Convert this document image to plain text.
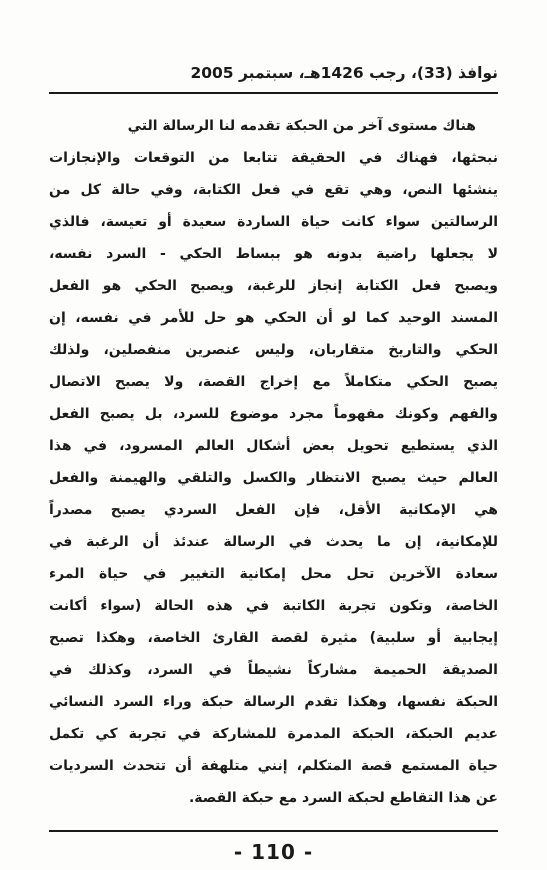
نوافذ (33)، رجب 1426هـ، سبتمبر 2005
هناك مستوى آخر من الحبكة تقدمه لنا الرسالة التي
نبحثها، فهناك في الحقيقة تتابعا من التوقعات والإنجازات
ينشئها النص، وهي تقع في فعل الكتابة، وفي حالة كل من
الرسالتين سواء كانت حياة الساردة سعيدة أو تعيسة، فالذي
لا يجعلها راضية بدونه هو ببساط الحكي - السرد نفسه،
ويصبح فعل الكتابة إنجاز للرغبة، ويصبح الحكي هو الفعل
المسند الوحيد كما لو أن الحكي هو حل للأمر في نفسه، إن
الحكي والتاريخ متقاربان، وليس عنصرين منفصلين، ولذلك
يصبح الحكي متكاملاً مع إخراج القصة، ولا يصبح الاتصال
والفهم وكونك مفهوماً مجرد موضوع للسرد، بل يصبح الفعل
الذي يستطيع تحويل بعض أشكال العالم المسرود، في هذا
العالم حيث يصبح الانتظار والكسل والتلقي والهيمنة والفعل
هي الإمكانية الأقل، فإن الفعل السردي يصبح مصدراً
للإمكانية، إن ما يحدث في الرسالة عندئذ أن الرغبة في
سعادة الآخرين تحل محل إمكانية التغيير في حياة المرء
الخاصة، وتكون تجربة الكاتبة في هذه الحالة (سواء أكانت
إيجابية أو سلبية) مثيرة لقصة القارئ الخاصة، وهكذا تصبح
الصديقة الحميمة مشاركاً نشيطاً في السرد، وكذلك في
الحبكة نفسها، وهكذا تقدم الرسالة حبكة وراء السرد النسائي
عديم الحبكة، الحبكة المدمرة للمشاركة في تجربة كي تكمل
حياة المستمع قصة المتكلم، إنني متلهفة أن تتحدث السرديات
عن هذا التقاطع لحبكة السرد مع حبكة القصة.
- 110 -
